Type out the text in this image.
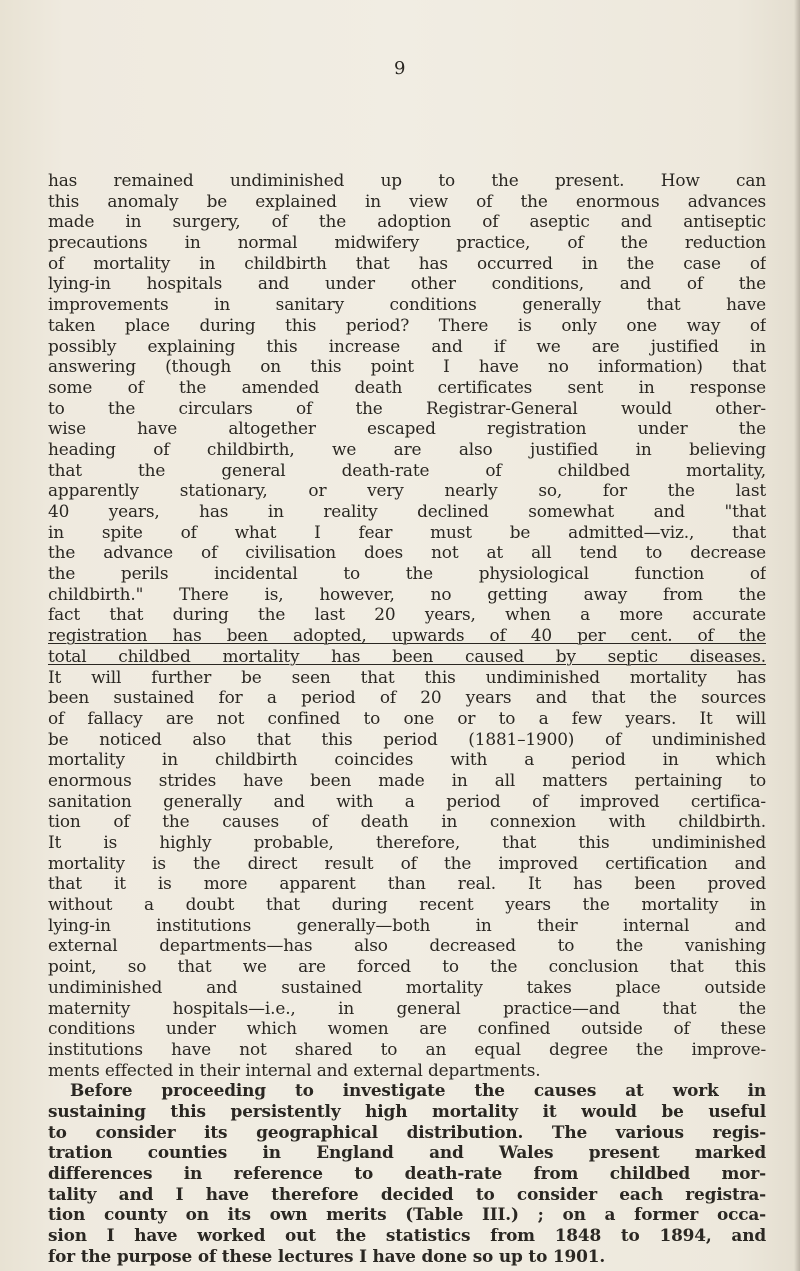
9
has remained undiminished up to the present. How can
this anomaly be explained in view of the enormous advances
made in surgery, of the adoption of aseptic and antiseptic
precautions in normal midwifery practice, of the reduction
of mortality in childbirth that has occurred in the case of
lying-in hospitals and under other conditions, and of the
improvements in sanitary conditions generally that have
taken place during this period? There is only one way of
possibly explaining this increase and if we are justified in
answering (though on this point I have no information) that
some of the amended death certificates sent in response
to the circulars of the Registrar-General would other-
wise have altogether escaped registration under the
heading of childbirth, we are also justified in believing
that the general death-rate of childbed mortality,
apparently stationary, or very nearly so, for the last
40 years, has in reality declined somewhat and "that
in spite of what I fear must be admitted—viz., that
the advance of civilisation does not at all tend to decrease
the perils incidental to the physiological function of
childbirth." There is, however, no getting away from the
fact that during the last 20 years, when a more accurate
registration has been adopted, upwards of 40 per cent. of the
total childbed mortality has been caused by septic diseases.
It will further be seen that this undiminished mortality has
been sustained for a period of 20 years and that the sources
of fallacy are not confined to one or to a few years. It will
be noticed also that this period (1881–1900) of undiminished
mortality in childbirth coincides with a period in which
enormous strides have been made in all matters pertaining to
sanitation generally and with a period of improved certifica-
tion of the causes of death in connexion with childbirth.
It is highly probable, therefore, that this undiminished
mortality is the direct result of the improved certification and
that it is more apparent than real. It has been proved
without a doubt that during recent years the mortality in
lying-in institutions generally—both in their internal and
external departments—has also decreased to the vanishing
point, so that we are forced to the conclusion that this
undiminished and sustained mortality takes place outside
maternity hospitals—i.e., in general practice—and that the
conditions under which women are confined outside of these
institutions have not shared to an equal degree the improve-
ments effected in their internal and external departments.
Before proceeding to investigate the causes at work in
sustaining this persistently high mortality it would be useful
to consider its geographical distribution. The various regis-
tration counties in England and Wales present marked
differences in reference to death-rate from childbed mor-
tality and I have therefore decided to consider each registra-
tion county on its own merits (Table III.) ; on a former occa-
sion I have worked out the statistics from 1848 to 1894, and
for the purpose of these lectures I have done so up to 1901.
